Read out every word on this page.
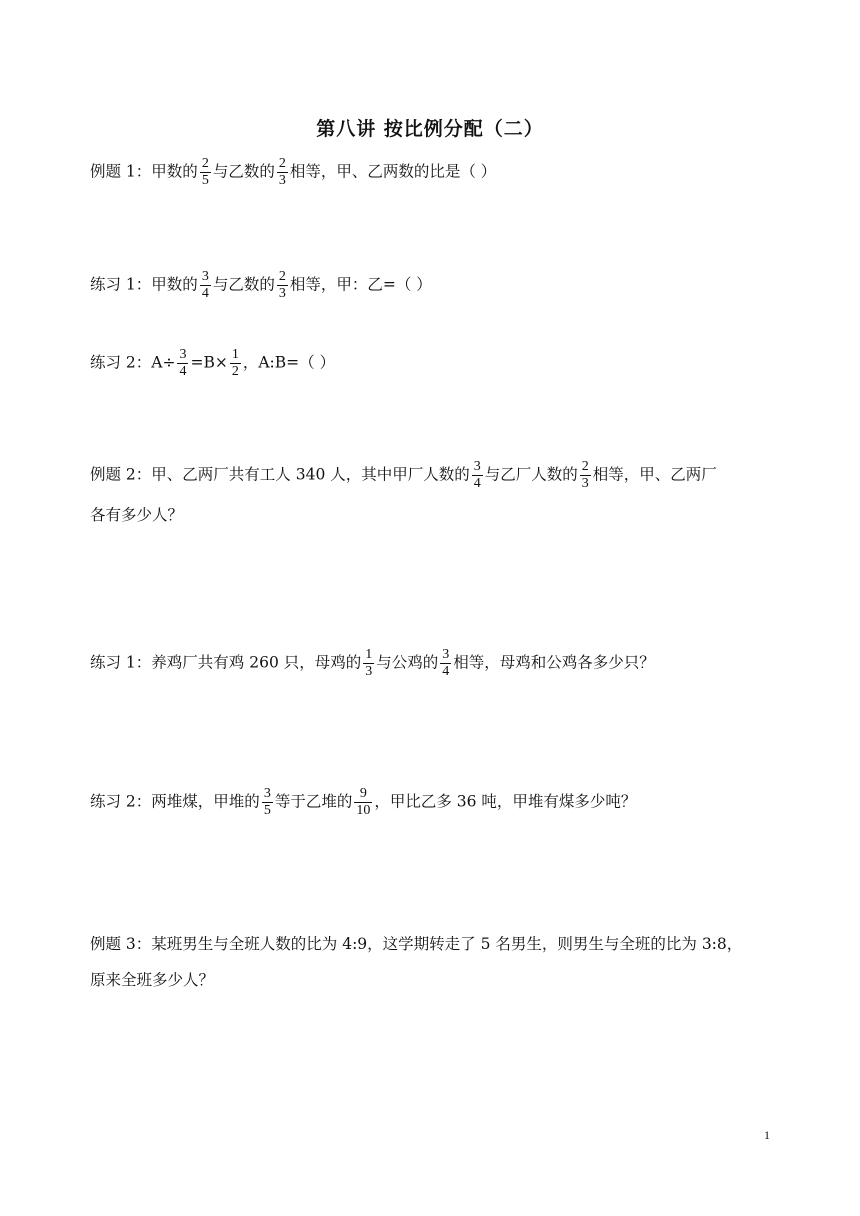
第八讲 按比例分配（二）
例题 1：甲数的 $\frac{2}{5}$ 与乙数的 $\frac{2}{3}$ 相等，甲、乙两数的比是（ ）
练习 1：甲数的 $\frac{3}{4}$ 与乙数的 $\frac{2}{3}$ 相等，甲：乙=（ ）
练习 2：$A\div \frac{3}{4} =B\times \frac{1}{2}$ ，A:B=（ ）
例题 2：甲、乙两厂共有工人 340 人，其中甲厂人数的 $\frac{3}{4}$ 与乙厂人数的 $\frac{2}{3}$ 相等，甲、乙两厂
各有多少人？
练习 1：养鸡厂共有鸡 260 只，母鸡的 $\frac{1}{3}$ 与公鸡的 $\frac{3}{4}$ 相等，母鸡和公鸡各多少只？
练习 2：两堆煤，甲堆的 $\frac{3}{5}$ 等于乙堆的 $\frac{9}{10}$ ，甲比乙多 36 吨，甲堆有煤多少吨？
例题 3：某班男生与全班人数的比为 4:9，这学期转走了 5 名男生，则男生与全班的比为 3:8，
原来全班多少人？
1
